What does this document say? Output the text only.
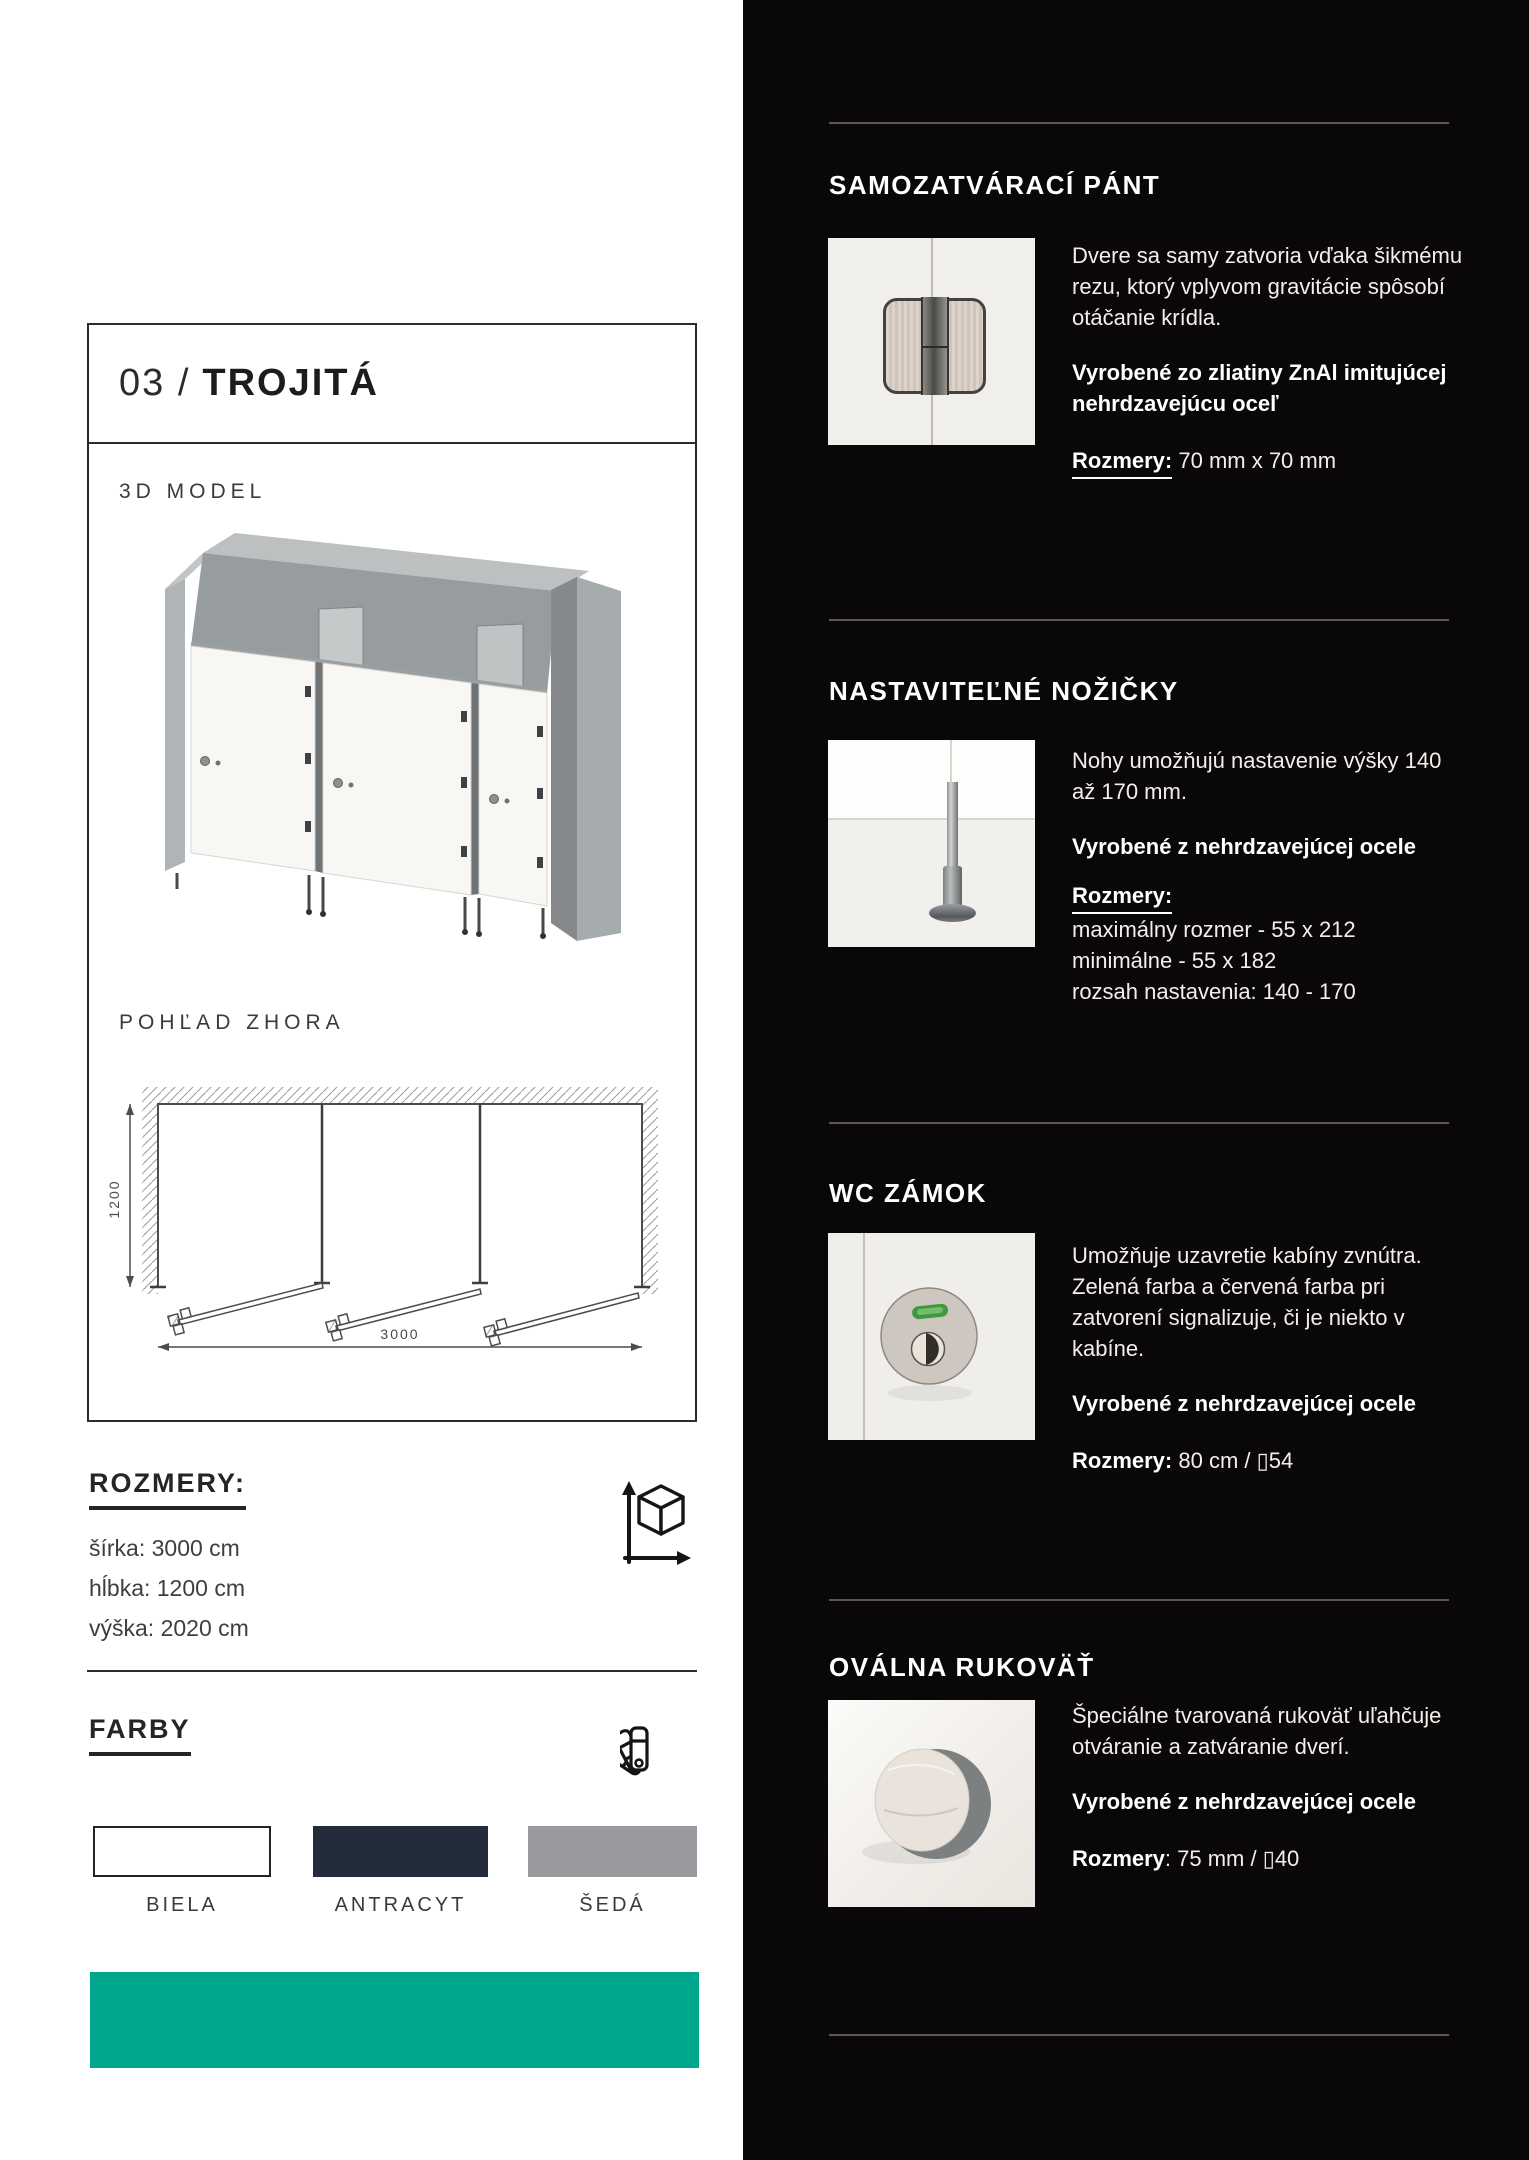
03 / TROJITÁ
3D MODEL
POHĽAD ZHORA
1200
3000
ROZMERY:
šírka: 3000 cm
hĺbka: 1200 cm
výška: 2020 cm
FARBY
BIELA	ANTRACYT	ŠEDÁ
SAMOZATVÁRACÍ PÁNT
Dvere sa samy zatvoria vďaka šikmému rezu, ktorý vplyvom gravitácie spôsobí otáčanie krídla.
Vyrobené zo zliatiny ZnAl imitujúcej nehrdzavejúcu oceľ
Rozmery: 70 mm x 70 mm
NASTAVITEĽNÉ NOŽIČKY
Nohy umožňujú nastavenie výšky 140 až 170 mm.
Vyrobené z nehrdzavejúcej ocele
Rozmery:
maximálny rozmer - 55 x 212
minimálne - 55 x 182
rozsah nastavenia: 140 - 170
WC ZÁMOK
Umožňuje uzavretie kabíny zvnútra. Zelená farba a červená farba pri zatvorení signalizuje, či je niekto v kabíne.
Vyrobené z nehrdzavejúcej ocele
Rozmery: 80 cm / ▯54
OVÁLNA RUKOVÄŤ
Špeciálne tvarovaná rukoväť uľahčuje otváranie a zatváranie dverí.
Vyrobené z nehrdzavejúcej ocele
Rozmery: 75 mm / ▯40
